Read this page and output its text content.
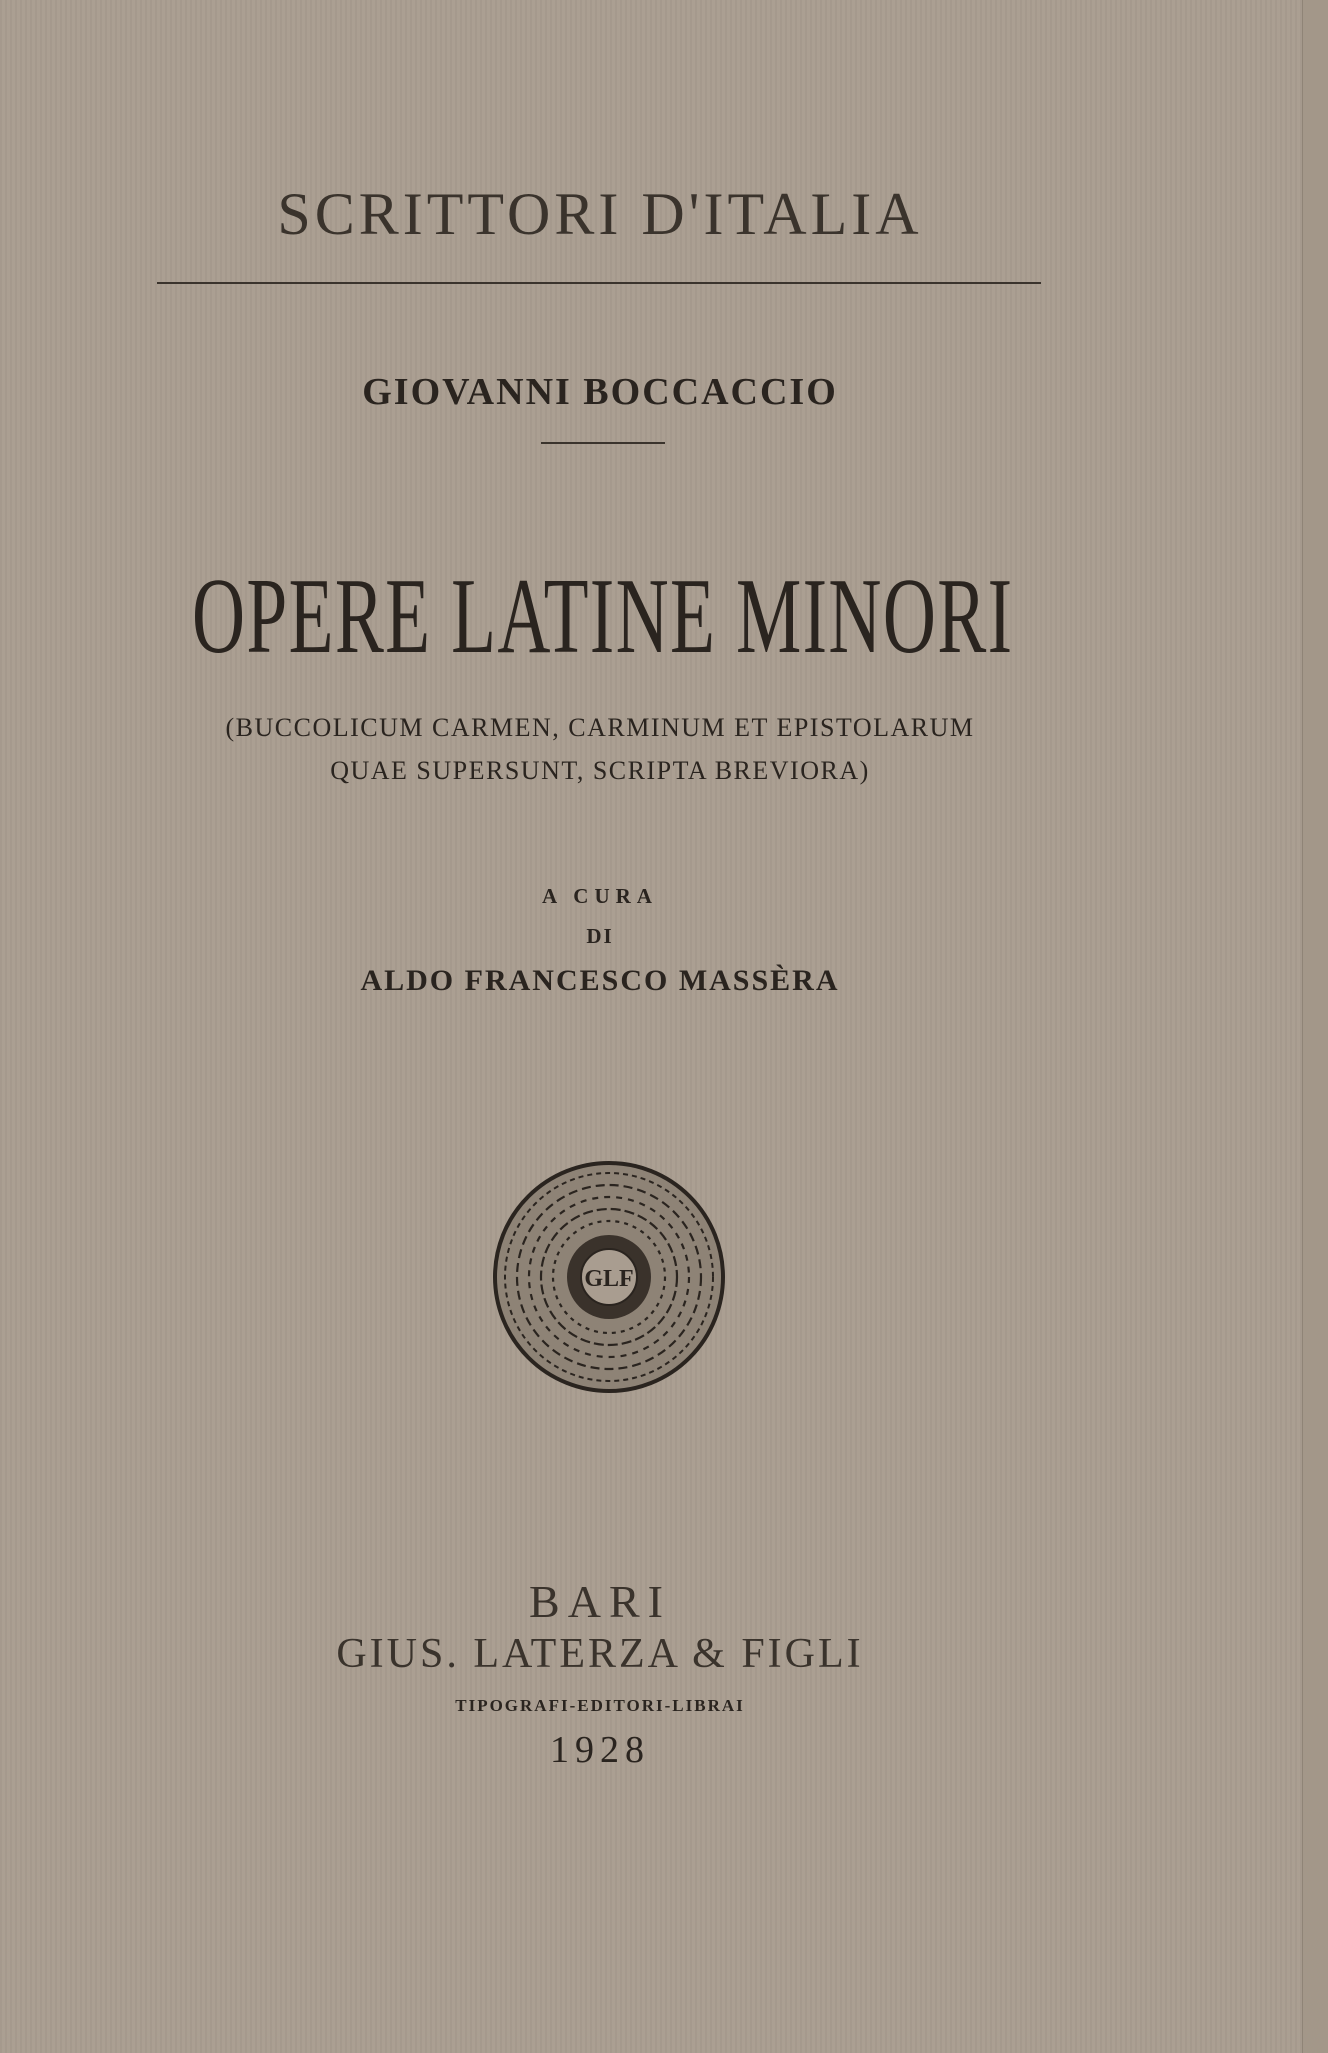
SCRITTORI D'ITALIA
GIOVANNI BOCCACCIO
OPERE LATINE MINORI
(BUCCOLICUM CARMEN, CARMINUM ET EPISTOLARUM
QUAE SUPERSUNT, SCRIPTA BREVIORA)
A CURA
DI
ALDO FRANCESCO MASSÈRA
GLF
BARI
GIUS. LATERZA & FIGLI
TIPOGRAFI-EDITORI-LIBRAI
1928
